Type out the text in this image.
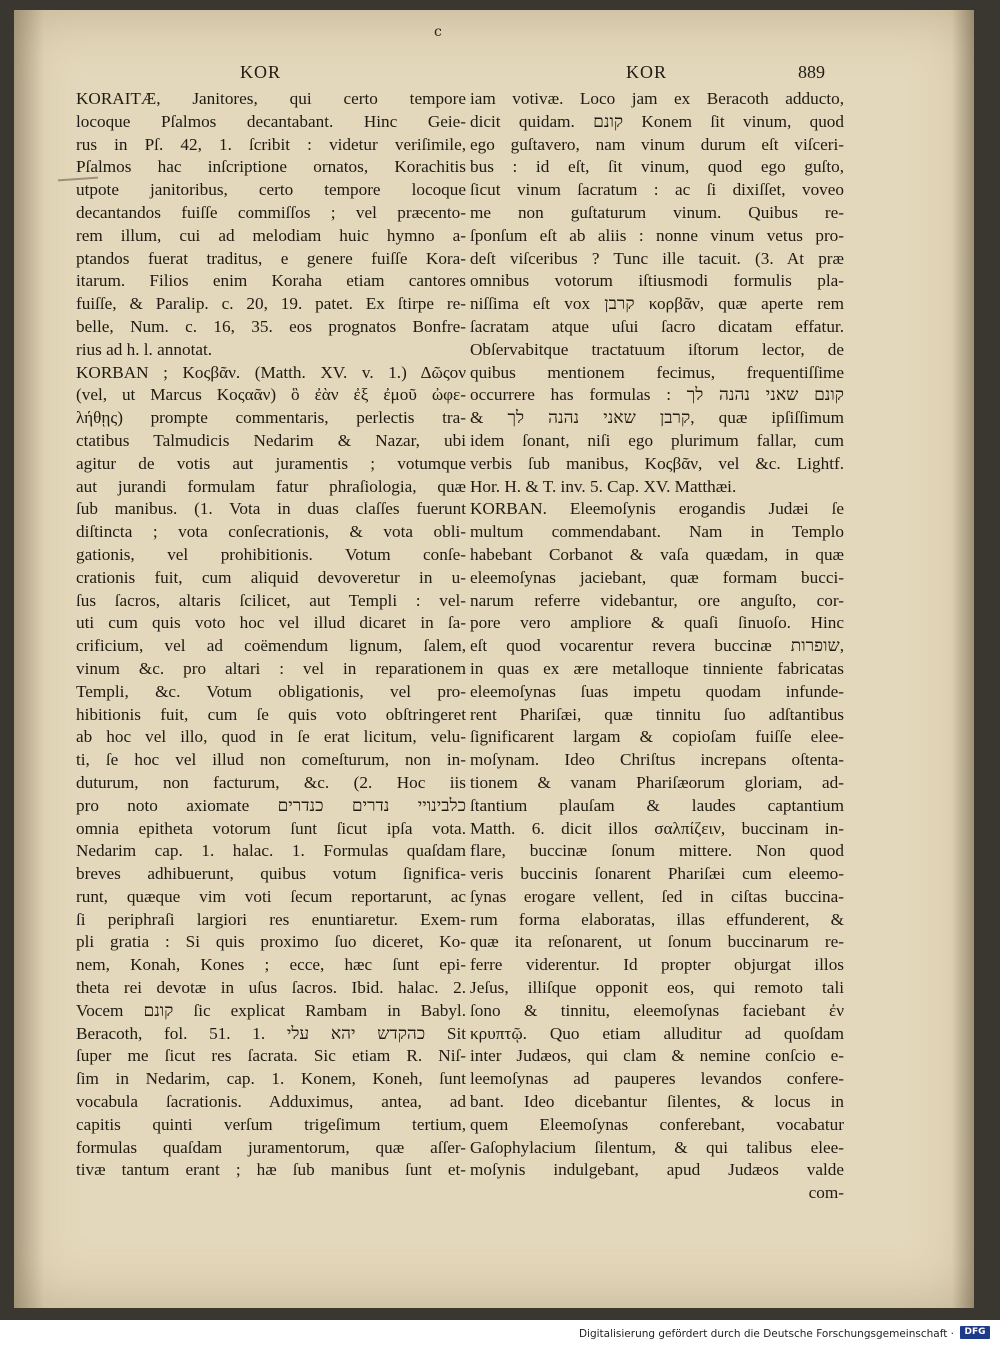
c
KOR	KOR	889
KORAITÆ, Janitores, qui certo tempore
locoque Pſalmos decantabant. Hinc Geie-
rus in Pſ. 42, 1. ſcribit : videtur veriſimile,
Pſalmos hac inſcriptione ornatos, Korachitis
utpote janitoribus, certo tempore locoque
decantandos fuiſſe commiſſos ; vel præcento-
rem illum, cui ad melodiam huic hymno a-
ptandos fuerat traditus, e genere fuiſſe Kora-
itarum. Filios enim Koraha etiam cantores
fuiſſe, & Paralip. c. 20, 19. patet. Ex ſtirpe re-
belle, Num. c. 16, 35. eos prognatos Bonfre-
rius ad h. l. annotat.
KORBAN ; Κοςβᾶν. (Matth. XV. v. 1.) Δῶςον
(vel, ut Marcus Κοςαᾶν) ὃ ἐὰν ἐξ ἐμοῦ ὠφε-
λήθῃς) prompte commentaris, perlectis tra-
ctatibus Talmudicis Nedarim & Nazar, ubi
agitur de votis aut juramentis ; votumque
aut jurandi formulam fatur phraſiologia, quæ
ſub manibus. (1. Vota in duas claſſes fuerunt
diſtincta ; vota conſecrationis, & vota obli-
gationis, vel prohibitionis. Votum conſe-
crationis fuit, cum aliquid devoveretur in u-
ſus ſacros, altaris ſcilicet, aut Templi : vel-
uti cum quis voto hoc vel illud dicaret in ſa-
crificium, vel ad coëmendum lignum, ſalem,
vinum &c. pro altari : vel in reparationem
Templi, &c. Votum obligationis, vel pro-
hibitionis fuit, cum ſe quis voto obſtringeret
ab hoc vel illo, quod in ſe erat licitum, velu-
ti, ſe hoc vel illud non comeſturum, non in-
duturum, non facturum, &c. (2. Hoc iis
pro noto axiomate כלבינויי נדרים כנדרים
omnia epitheta votorum ſunt ſicut ipſa vota.
Nedarim cap. 1. halac. 1. Formulas quaſdam
breves adhibuerunt, quibus votum ſignifica-
runt, quæque vim voti ſecum reportarunt, ac
ſi periphraſi largiori res enuntiaretur. Exem-
pli gratia : Si quis proximo ſuo diceret, Ko-
nem, Konah, Kones ; ecce, hæc ſunt epi-
theta rei devotæ in uſus ſacros. Ibid. halac. 2.
Vocem קונם ſic explicat Rambam in Babyl.
Beracoth, fol. 51. 1. כהקדש יהא עלי Sit
ſuper me ſicut res ſacrata. Sic etiam R. Niſ-
ſim in Nedarim, cap. 1. Konem, Koneh, ſunt
vocabula ſacrationis. Adduximus, antea, ad
capitis quinti verſum trigeſimum tertium,
formulas quaſdam juramentorum, quæ aſſer-
tivæ tantum erant ; hæ ſub manibus ſunt et-
iam votivæ. Loco jam ex Beracoth adducto,
dicit quidam. קונם Konem ſit vinum, quod
ego guſtavero, nam vinum durum eſt viſceri-
bus : id eſt, ſit vinum, quod ego guſto,
ſicut vinum ſacratum : ac ſi dixiſſet, voveo
me non guſtaturum vinum. Quibus re-
ſponſum eſt ab aliis : nonne vinum vetus pro-
deſt viſceribus ? Tunc ille tacuit. (3. At præ
omnibus votorum iſtiusmodi formulis pla-
niſſima eſt vox קרבן κορβᾶν, quæ aperte rem
ſacratam atque uſui ſacro dicatam effatur.
Obſervabitque tractatuum iſtorum lector, de
quibus mentionem fecimus, frequentiſſime
occurrere has formulas : קונם שאני נהנה לך
& קרבן שאני נהנה לך, quæ ipſiſſimum
idem ſonant, niſi ego plurimum fallar, cum
verbis ſub manibus, Κοςβᾶν, vel &c. Lightf.
Hor. H. & T. inv. 5. Cap. XV. Matthæi.
KORBAN. Eleemoſynis erogandis Judæi ſe
multum commendabant. Nam in Templo
habebant Corbanot & vaſa quædam, in quæ
eleemoſynas jaciebant, quæ formam bucci-
narum referre videbantur, ore anguſto, cor-
pore vero ampliore & quaſi ſinuoſo. Hinc
eſt quod vocarentur revera buccinæ שופרות,
in quas ex ære metalloque tinniente fabricatas
eleemoſynas ſuas impetu quodam infunde-
rent Phariſæi, quæ tinnitu ſuo adſtantibus
ſignificarent largam & copioſam fuiſſe elee-
moſynam. Ideo Chriſtus increpans oſtenta-
tionem & vanam Phariſæorum gloriam, ad-
ſtantium plauſam & laudes captantium
Matth. 6. dicit illos σαλπίζειν, buccinam in-
flare, buccinæ ſonum mittere. Non quod
veris buccinis ſonarent Phariſæi cum eleemo-
ſynas erogare vellent, ſed in ciſtas buccina-
rum forma elaboratas, illas effunderent, &
quæ ita reſonarent, ut ſonum buccinarum re-
ferre viderentur. Id propter objurgat illos
Jeſus, illiſque opponit eos, qui remoto tali
ſono & tinnitu, eleemoſynas faciebant ἐν
κρυπτῷ. Quo etiam alluditur ad quoſdam
inter Judæos, qui clam & nemine conſcio e-
leemoſynas ad pauperes levandos confere-
bant. Ideo dicebantur ſilentes, & locus in
quem Eleemoſynas conferebant, vocabatur
Gaſophylacium ſilentum, & qui talibus elee-
moſynis indulgebant, apud Judæos valde
com-
Digitalisierung gefördert durch die Deutsche Forschungsgemeinschaft ·	DFG
